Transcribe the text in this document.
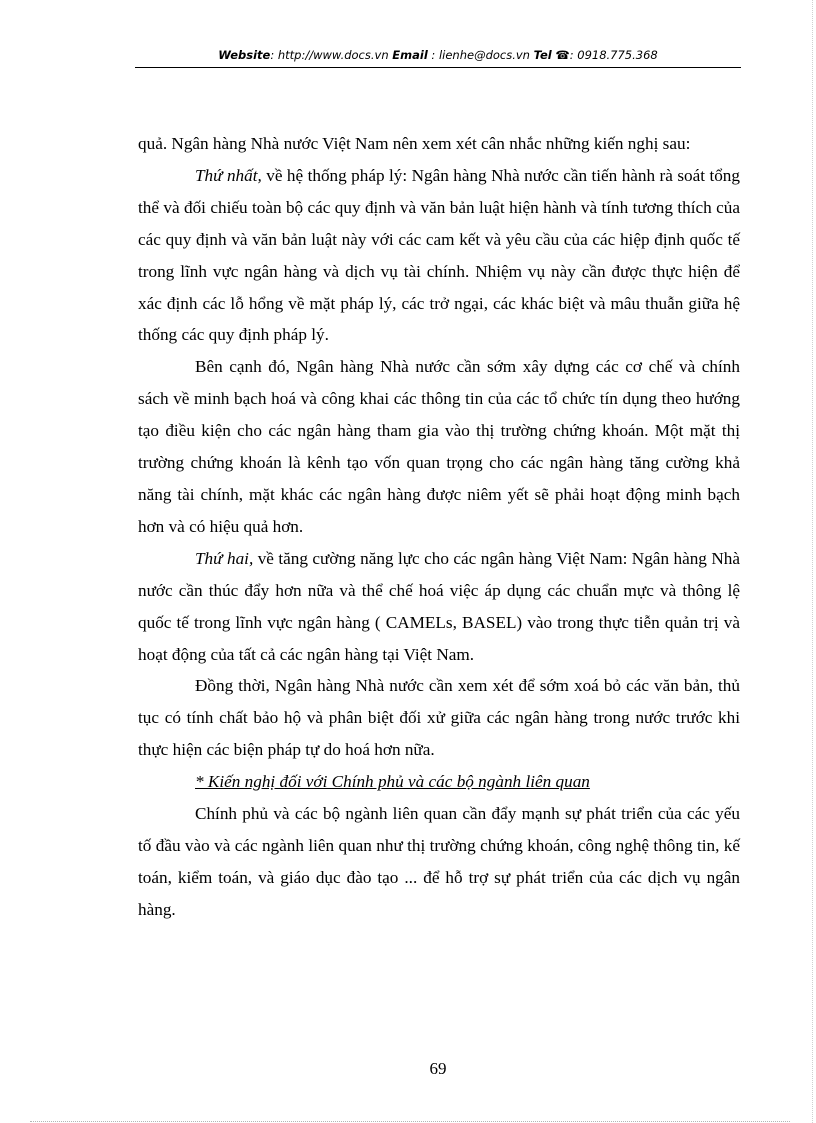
Website: http://www.docs.vn Email : lienhe@docs.vn Tel ☎: 0918.775.368

quả. Ngân hàng Nhà nước Việt Nam nên xem xét cân nhắc những kiến nghị sau:

Thứ nhất, về hệ thống pháp lý: Ngân hàng Nhà nước cần tiến hành rà soát tổng thể và đối chiếu toàn bộ các quy định và văn bản luật hiện hành và tính tương thích của các quy định và văn bản luật này với các cam kết và yêu cầu của các hiệp định quốc tế trong lĩnh vực ngân hàng và dịch vụ tài chính. Nhiệm vụ này cần được thực hiện để xác định các lỗ hổng về mặt pháp lý, các trở ngại, các khác biệt và mâu thuẫn giữa hệ thống các quy định pháp lý.

Bên cạnh đó, Ngân hàng Nhà nước cần sớm xây dựng các cơ chế và chính sách về minh bạch hoá và công khai các thông tin của các tổ chức tín dụng theo hướng tạo điều kiện cho các ngân hàng tham gia vào thị trường chứng khoán. Một mặt thị trường chứng khoán là kênh tạo vốn quan trọng cho các ngân hàng tăng cường khả năng tài chính, mặt khác các ngân hàng được niêm yết sẽ phải hoạt động minh bạch hơn và có hiệu quả hơn.

Thứ hai, về tăng cường năng lực cho các ngân hàng Việt Nam: Ngân hàng Nhà nước cần thúc đẩy hơn nữa và thể chế hoá việc áp dụng các chuẩn mực và thông lệ quốc tế trong lĩnh vực ngân hàng ( CAMELs, BASEL) vào trong thực tiễn quản trị và hoạt động của tất cả các ngân hàng tại Việt Nam.

Đồng thời, Ngân hàng Nhà nước cần xem xét để sớm xoá bỏ các văn bản, thủ tục có tính chất bảo hộ và phân biệt đối xử giữa các ngân hàng trong nước trước khi thực hiện các biện pháp tự do hoá hơn nữa.

* Kiến nghị đối với Chính phủ và các bộ ngành liên quan

Chính phủ và các bộ ngành liên quan cần đẩy mạnh sự phát triển của các yếu tố đầu vào và các ngành liên quan như thị trường chứng khoán, công nghệ thông tin, kế toán, kiểm toán, và giáo dục đào tạo ... để hỗ trợ sự phát triển của các dịch vụ ngân hàng.

69
